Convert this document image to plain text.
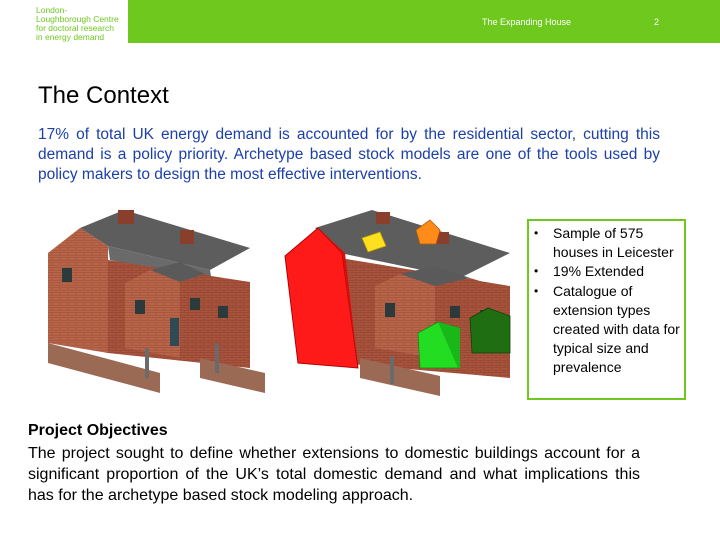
London-
Loughborough Centre
for doctoral research
in energy demand
The Expanding House	2
The Context
17% of total UK energy demand is accounted for by the residential sector, cutting this demand is a policy priority. Archetype based stock models are one of the tools used by policy makers to design the most effective interventions.
• Sample of 575 houses in Leicester
• 19% Extended
• Catalogue of extension types created with data for typical size and prevalence
Project Objectives
The project sought to define whether extensions to domestic buildings account for a significant proportion of the UK’s total domestic demand and what implications this has for the archetype based stock modeling approach.
